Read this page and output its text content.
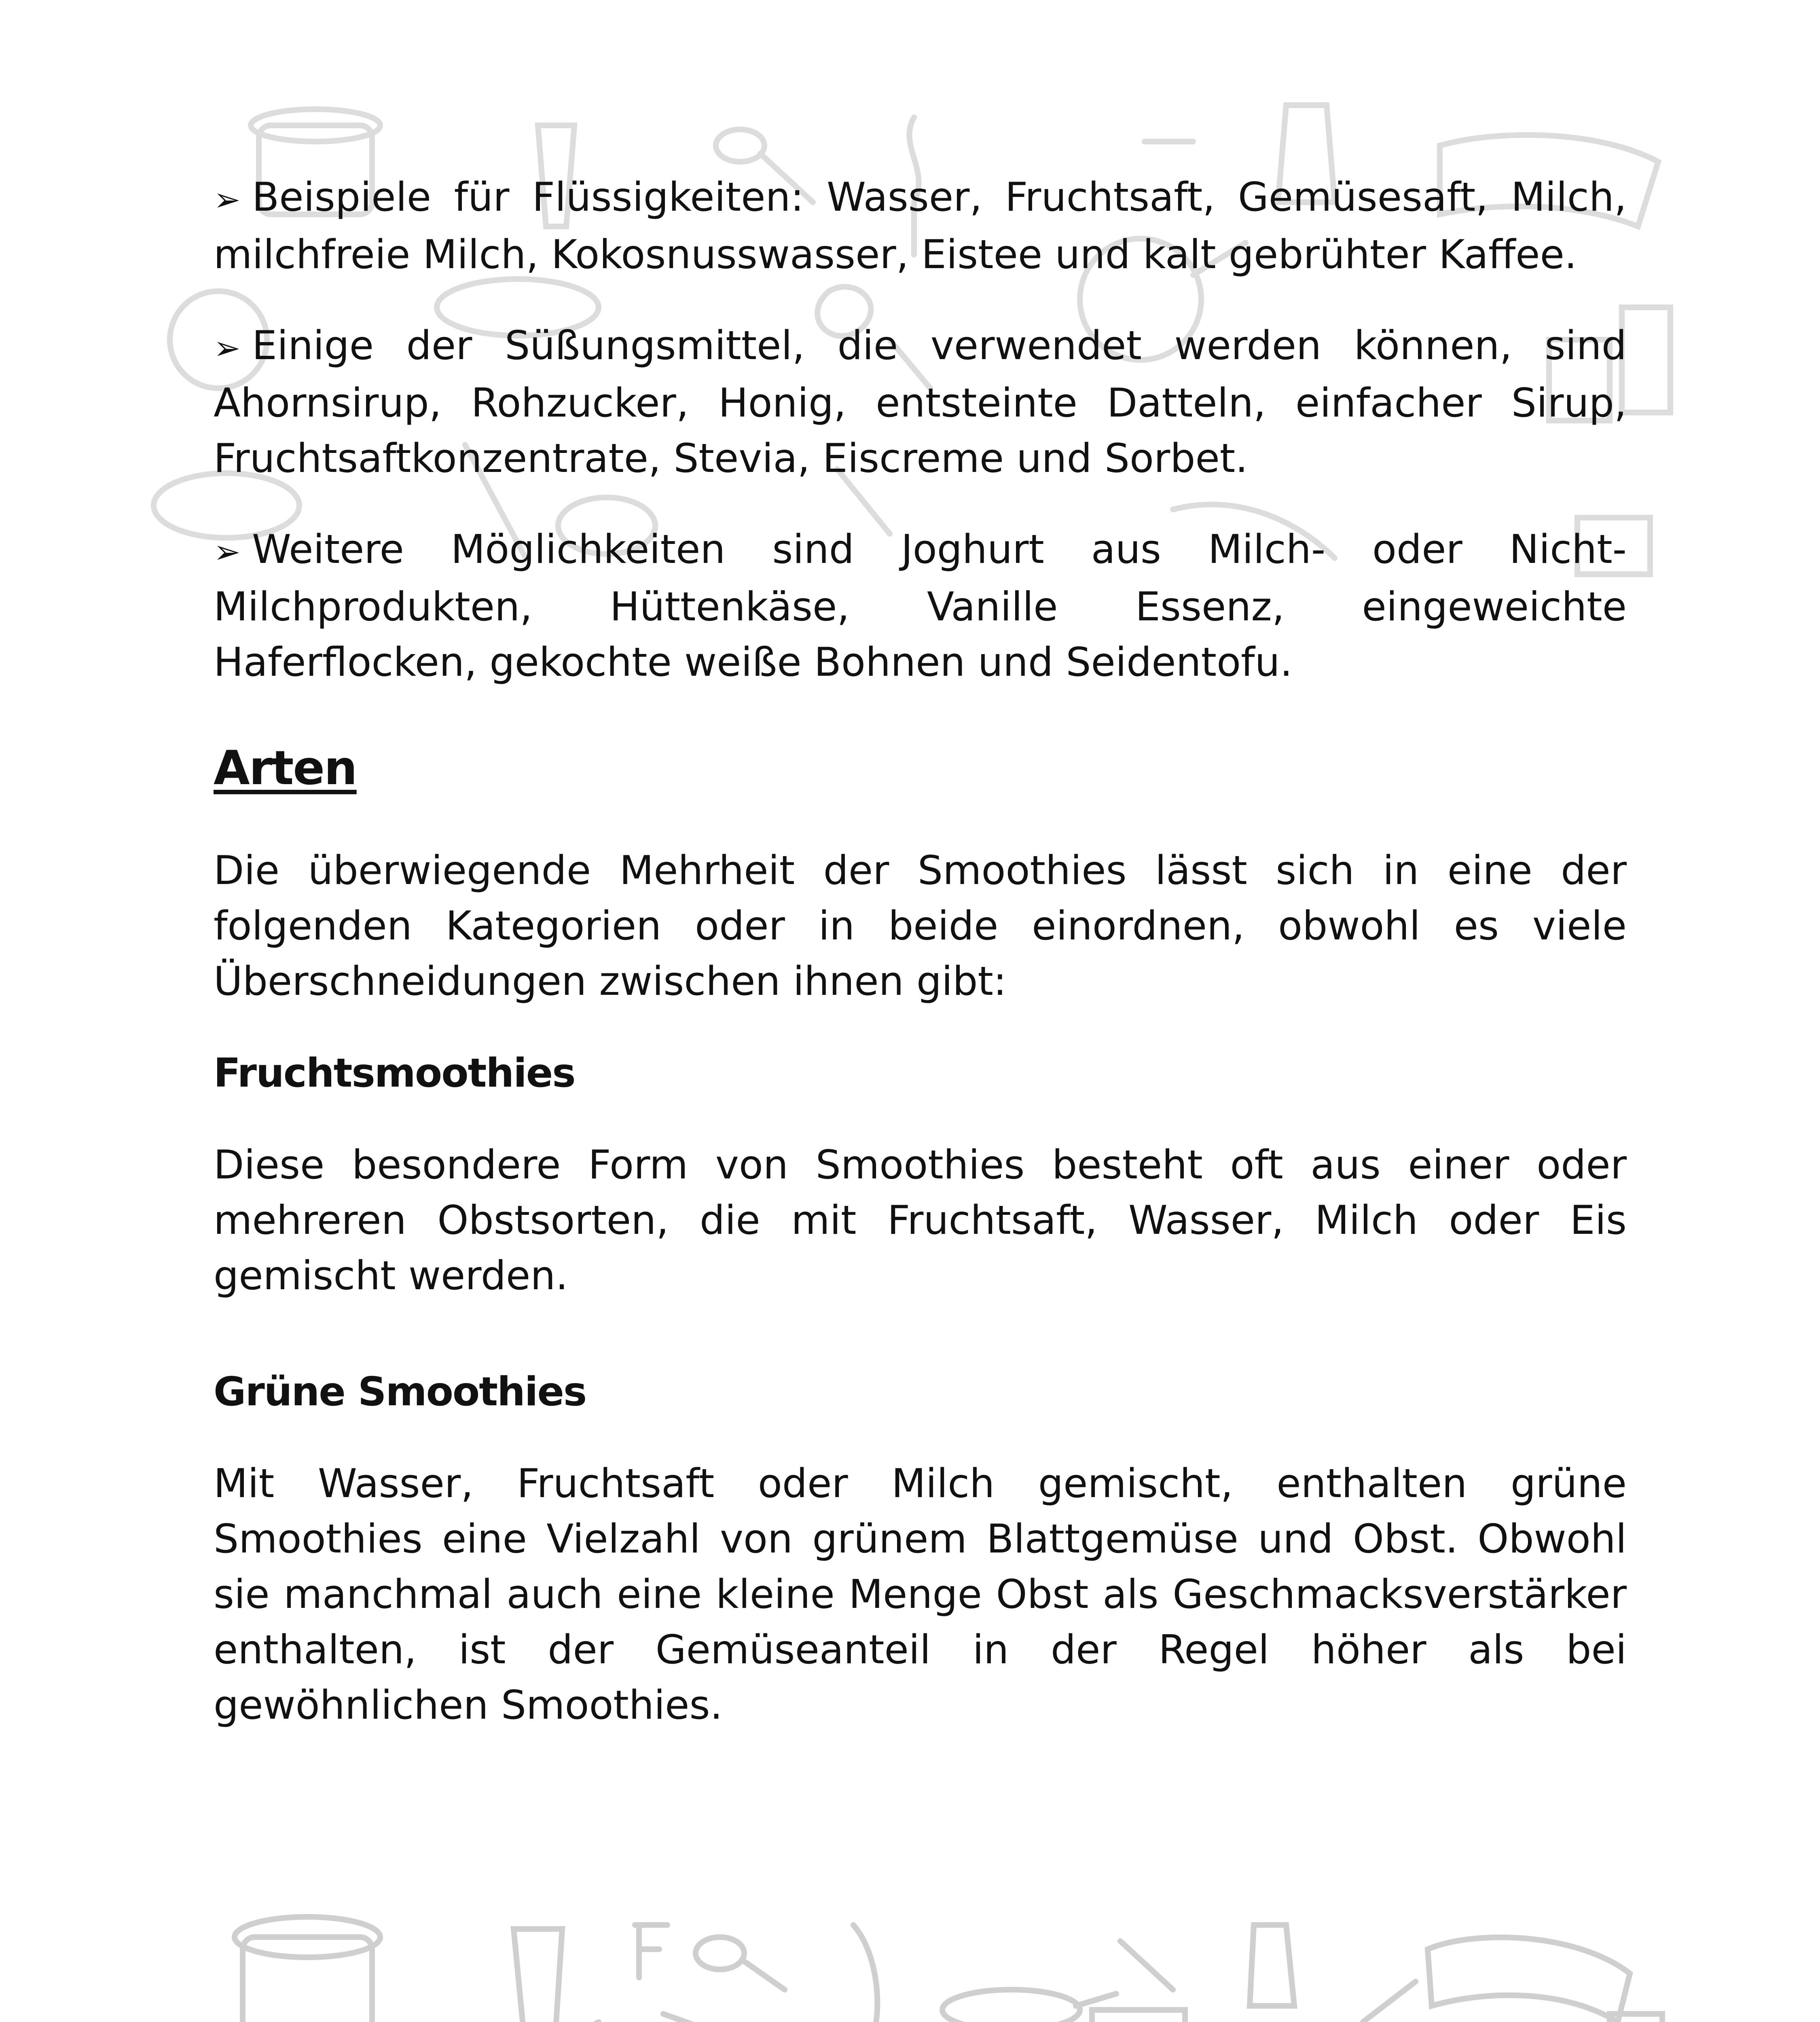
➢ Beispiele für Flüssigkeiten: Wasser, Fruchtsaft, Gemüsesaft, Milch, milchfreie Milch, Kokosnusswasser, Eistee und kalt gebrühter Kaffee.

➢ Einige der Süßungsmittel, die verwendet werden können, sind Ahornsirup, Rohzucker, Honig, entsteinte Datteln, einfacher Sirup, Fruchtsaftkonzentrate, Stevia, Eiscreme und Sorbet.

➢ Weitere Möglichkeiten sind Joghurt aus Milch- oder Nicht-Milchprodukten, Hüttenkäse, Vanille Essenz, eingeweichte Haferflocken, gekochte weiße Bohnen und Seidentofu.

Arten

Die überwiegende Mehrheit der Smoothies lässt sich in eine der folgenden Kategorien oder in beide einordnen, obwohl es viele Überschneidungen zwischen ihnen gibt:

Fruchtsmoothies

Diese besondere Form von Smoothies besteht oft aus einer oder mehreren Obstsorten, die mit Fruchtsaft, Wasser, Milch oder Eis gemischt werden.

Grüne Smoothies

Mit Wasser, Fruchtsaft oder Milch gemischt, enthalten grüne Smoothies eine Vielzahl von grünem Blattgemüse und Obst. Obwohl sie manchmal auch eine kleine Menge Obst als Geschmacksverstärker enthalten, ist der Gemüseanteil in der Regel höher als bei gewöhnlichen Smoothies.
